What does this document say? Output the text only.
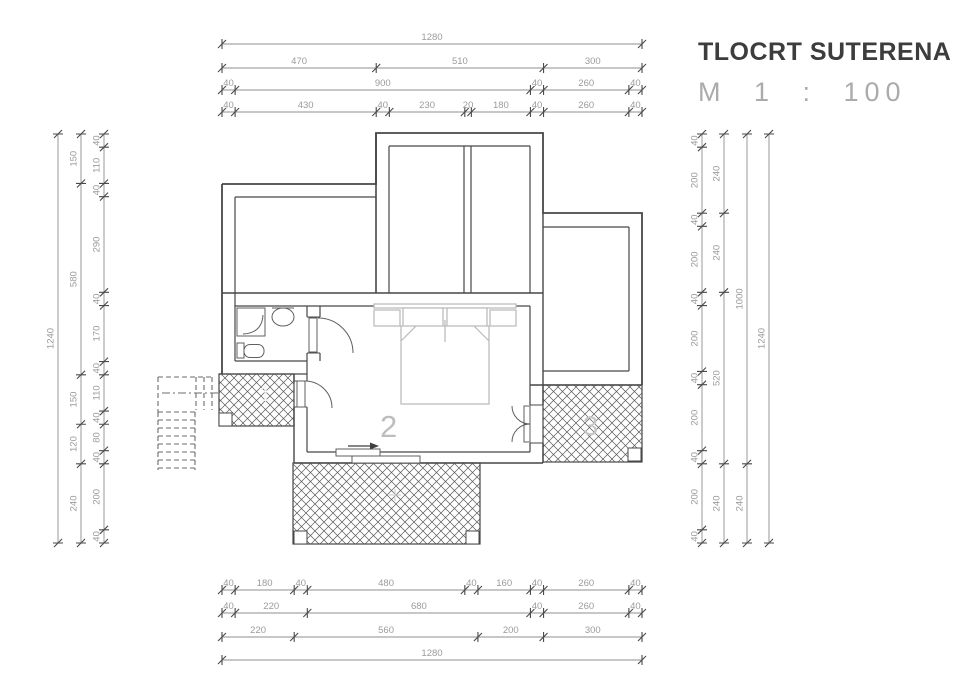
TLOCRT SUTERENA
M 1 : 100
1280
470	510	300
40	900	40	260	40
40	430	40	230	20 180 40	260	40
40 180 40	480	40 160 40	260	40
40	220	680	40	260	40
220	560	200	300
1280
1240
150
580
150
120
240
40
110
40
290
40
170
40
110
40
80
40
200
40
40
200
40
200
40
200
40
200
40
200
40
240
240
520
240
1000
240
1240
1
2	3
